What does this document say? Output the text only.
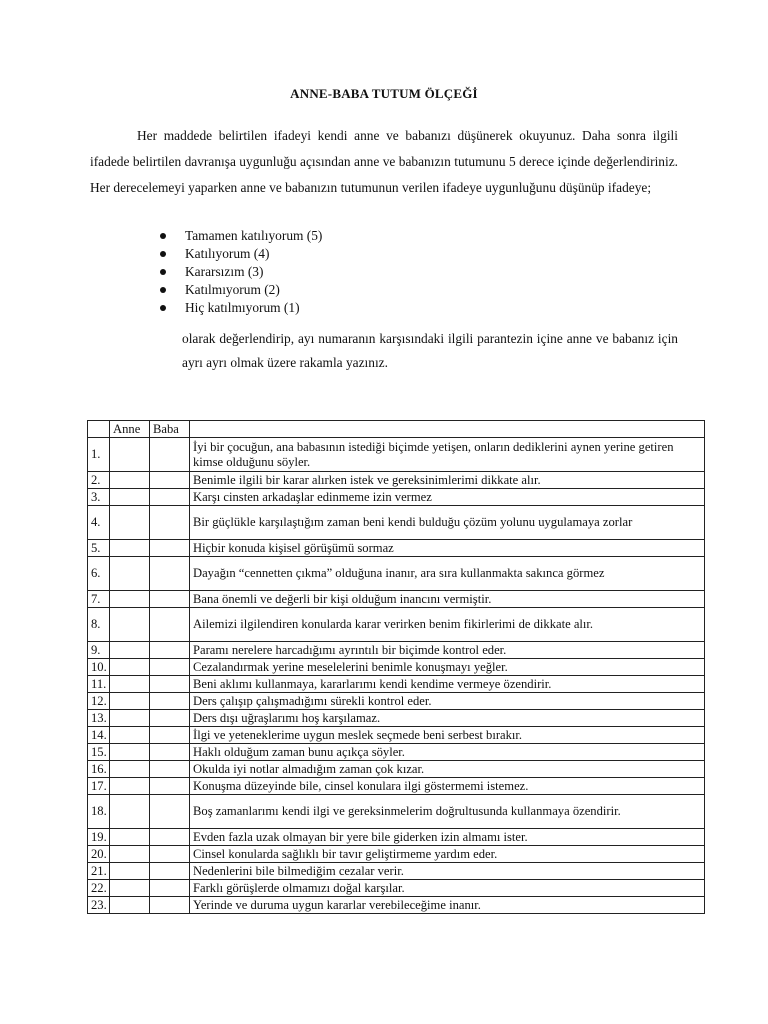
ANNE-BABA TUTUM ÖLÇEĞİ

Her maddede belirtilen ifadeyi kendi anne ve babanızı düşünerek okuyunuz. Daha sonra ilgili ifadede belirtilen davranışa uygunluğu açısından anne ve babanızın tutumunu 5 derece içinde değerlendiriniz. Her derecelemeyi yaparken anne ve babanızın tutumunun verilen ifadeye uygunluğunu düşünüp ifadeye;

Tamamen katılıyorum (5)
Katılıyorum (4)
Kararsızım (3)
Katılmıyorum (2)
Hiç katılmıyorum (1)

olarak değerlendirip, ayı numaranın karşısındaki ilgili parantezin içine anne ve babanız için ayrı ayrı olmak üzere rakamla yazınız.

	Anne	Baba	
1.			İyi bir çocuğun, ana babasının istediği biçimde yetişen, onların dediklerini aynen yerine getiren kimse olduğunu söyler.
2.			Benimle ilgili bir karar alırken istek ve gereksinimlerimi dikkate alır.
3.			Karşı cinsten arkadaşlar edinmeme izin vermez
4.			Bir güçlükle karşılaştığım zaman beni kendi bulduğu çözüm yolunu uygulamaya zorlar
5.			Hiçbir konuda kişisel görüşümü sormaz
6.			Dayağın “cennetten çıkma” olduğuna inanır, ara sıra kullanmakta sakınca görmez
7.			Bana önemli ve değerli bir kişi olduğum inancını vermiştir.
8.			Ailemizi ilgilendiren konularda karar verirken benim fikirlerimi de dikkate alır.
9.			Paramı nerelere harcadığımı ayrıntılı bir biçimde kontrol eder.
10.			Cezalandırmak yerine meselelerini benimle konuşmayı yeğler.
11.			Beni aklımı kullanmaya, kararlarımı kendi kendime vermeye özendirir.
12.			Ders çalışıp çalışmadığımı sürekli kontrol eder.
13.			Ders dışı uğraşlarımı hoş karşılamaz.
14.			İlgi ve yeteneklerime uygun meslek seçmede beni serbest bırakır.
15.			Haklı olduğum zaman bunu açıkça söyler.
16.			Okulda iyi notlar almadığım zaman çok kızar.
17.			Konuşma düzeyinde bile, cinsel konulara ilgi göstermemi istemez.
18.			Boş zamanlarımı kendi ilgi ve gereksinmelerim doğrultusunda kullanmaya özendirir.
19.			Evden fazla uzak olmayan bir yere bile giderken izin almamı ister.
20.			Cinsel konularda sağlıklı bir tavır geliştirmeme yardım eder.
21.			Nedenlerini bile bilmediğim cezalar verir.
22.			Farklı görüşlerde olmamızı doğal karşılar.
23.			Yerinde ve duruma uygun kararlar verebileceğime inanır.
